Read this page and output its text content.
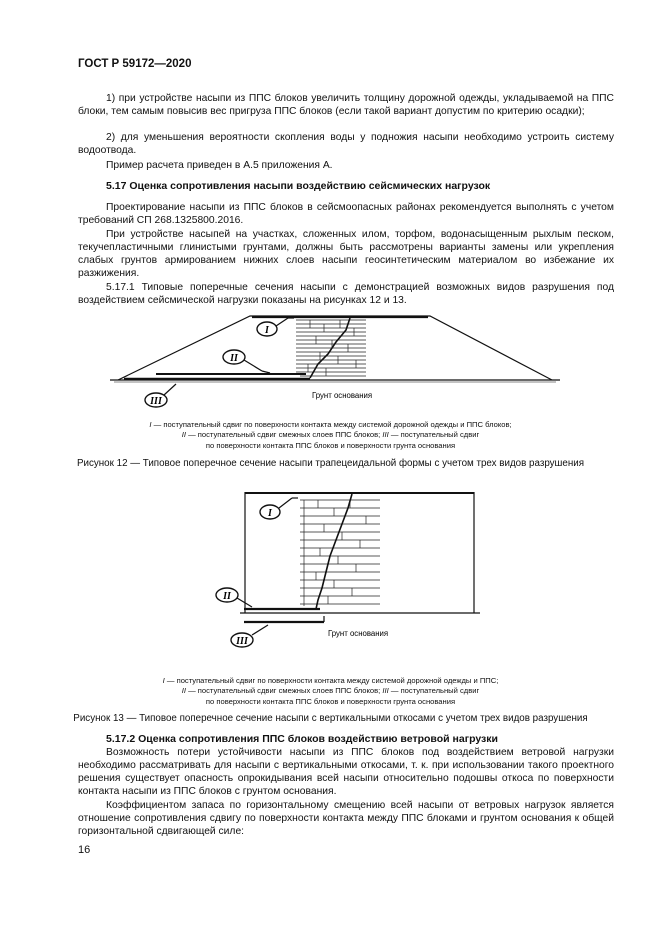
ГОСТ Р 59172—2020
1) при устройстве насыпи из ППС блоков увеличить толщину дорожной одежды, укладываемой на ППС блоки, тем самым повысив вес пригруза ППС блоков (если такой вариант допустим по критерию осадки);
2) для уменьшения вероятности скопления воды у подножия насыпи необходимо устроить систему водоотвода.
Пример расчета приведен в А.5 приложения А.
5.17 Оценка сопротивления насыпи воздействию сейсмических нагрузок
Проектирование насыпи из ППС блоков в сейсмоопасных районах рекомендуется выполнять с учетом требований СП 268.1325800.2016.
При устройстве насыпей на участках, сложенных илом, торфом, водонасыщенным рыхлым песком, текучепластичными глинистыми грунтами, должны быть рассмотрены варианты замены или укрепления слабых грунтов армированием нижних слоев насыпи геосинтетическим материалом во избежание их разжижения.
5.17.1 Типовые поперечные сечения насыпи с демонстрацией возможных видов разрушения под воздействием сейсмической нагрузки показаны на рисунках 12 и 13.
I
II
III
Грунт основания
I — поступательный сдвиг по поверхности контакта между системой дорожной одежды и ППС блоков;
II — поступательный сдвиг смежных слоев ППС блоков; III — поступательный сдвиг
по поверхности контакта ППС блоков и поверхности грунта основания
Рисунок 12 — Типовое поперечное сечение насыпи трапецеидальной формы с учетом трех видов разрушения
I
II
III
Грунт основания
I — поступательный сдвиг по поверхности контакта между системой дорожной одежды и ППС;
II — поступательный сдвиг смежных слоев ППС блоков; III — поступательный сдвиг
по поверхности контакта ППС блоков и поверхности грунта основания
Рисунок 13 — Типовое поперечное сечение насыпи с вертикальными откосами с учетом трех видов разрушения
5.17.2 Оценка сопротивления ППС блоков воздействию ветровой нагрузки
Возможность потери устойчивости насыпи из ППС блоков под воздействием ветровой нагрузки необходимо рассматривать для насыпи с вертикальными откосами, т. к. при использовании такого проектного решения существует опасность опрокидывания всей насыпи относительно подошвы откоса по поверхности контакта насыпи из ППС блоков с грунтом основания.
Коэффициентом запаса по горизонтальному смещению всей насыпи от ветровых нагрузок является отношение сопротивления сдвигу по поверхности контакта между ППС блоками и грунтом основания к общей горизонтальной сдвигающей силе:
16
